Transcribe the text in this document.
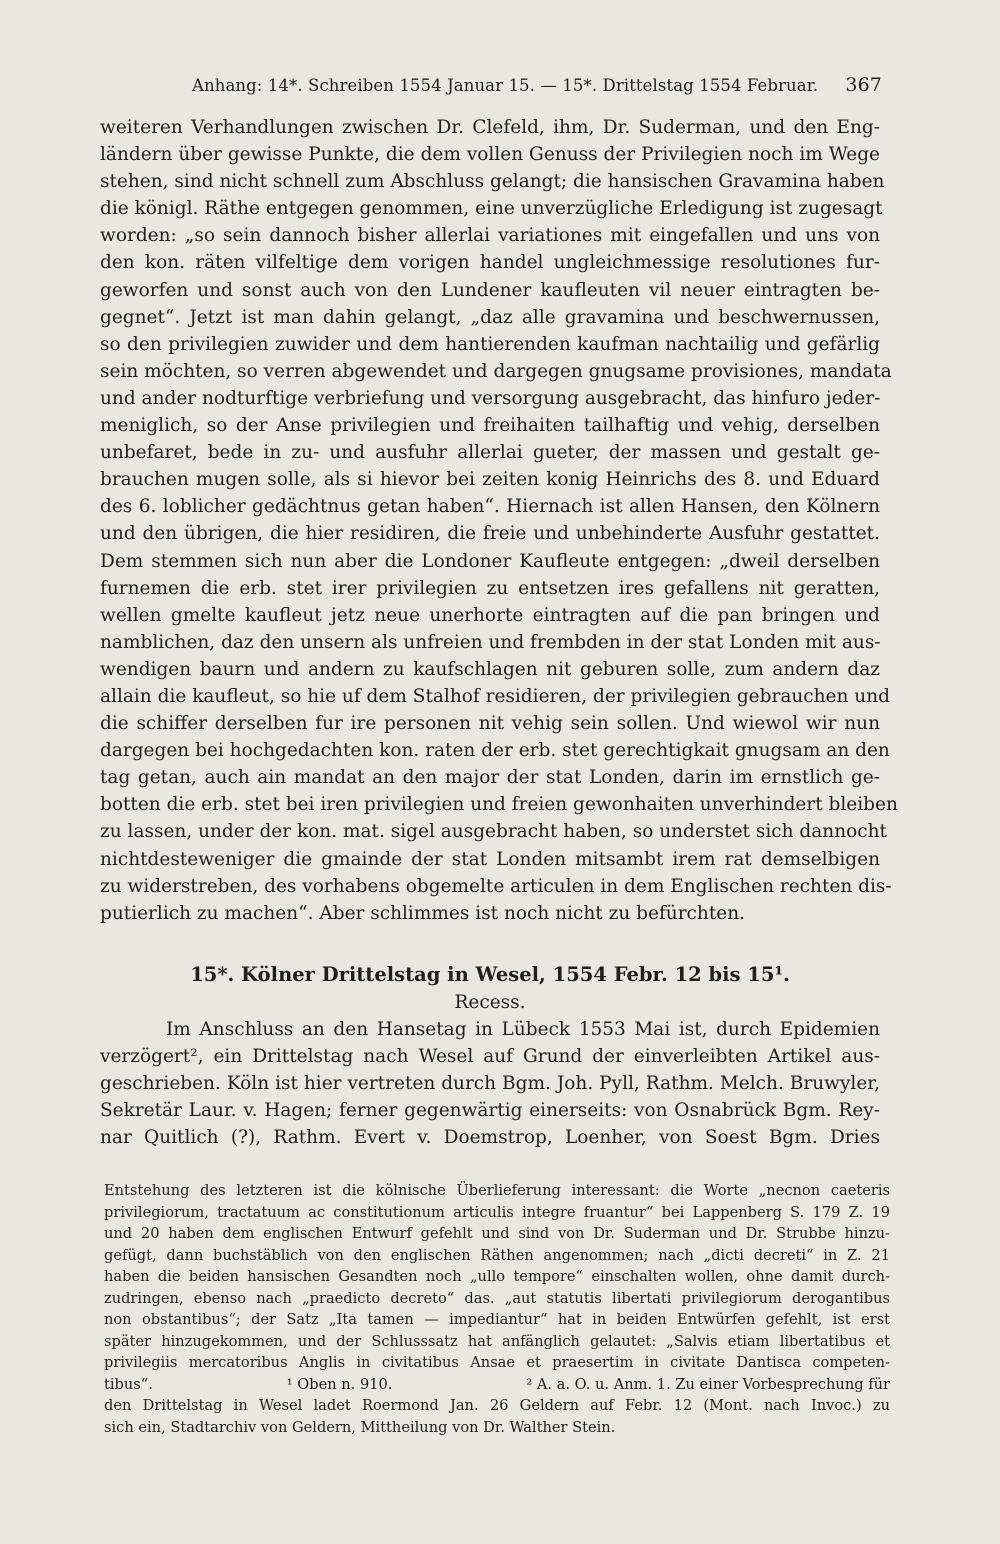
Anhang: 14*. Schreiben 1554 Januar 15. — 15*. Drittelstag 1554 Februar. 367
weiteren Verhandlungen zwischen Dr. Clefeld, ihm, Dr. Suderman, und den Eng-
ländern über gewisse Punkte, die dem vollen Genuss der Privilegien noch im Wege
stehen, sind nicht schnell zum Abschluss gelangt; die hansischen Gravamina haben
die königl. Räthe entgegen genommen, eine unverzügliche Erledigung ist zugesagt
worden: „so sein dannoch bisher allerlai variationes mit eingefallen und uns von
den kon. räten vilfeltige dem vorigen handel ungleichmessige resolutiones fur-
geworfen und sonst auch von den Lundener kaufleuten vil neuer eintragten be-
gegnet“. Jetzt ist man dahin gelangt, „daz alle gravamina und beschwernussen,
so den privilegien zuwider und dem hantierenden kaufman nachtailig und gefärlig
sein möchten, so verren abgewendet und dargegen gnugsame provisiones, mandata
und ander nodturftige verbriefung und versorgung ausgebracht, das hinfuro jeder-
meniglich, so der Anse privilegien und freihaiten tailhaftig und vehig, derselben
unbefaret, bede in zu- und ausfuhr allerlai gueter, der massen und gestalt ge-
brauchen mugen solle, als si hievor bei zeiten konig Heinrichs des 8. und Eduard
des 6. loblicher gedächtnus getan haben“. Hiernach ist allen Hansen, den Kölnern
und den übrigen, die hier residiren, die freie und unbehinderte Ausfuhr gestattet.
Dem stemmen sich nun aber die Londoner Kaufleute entgegen: „dweil derselben
furnemen die erb. stet irer privilegien zu entsetzen ires gefallens nit geratten,
wellen gmelte kaufleut jetz neue unerhorte eintragten auf die pan bringen und
namblichen, daz den unsern als unfreien und frembden in der stat Londen mit aus-
wendigen baurn und andern zu kaufschlagen nit geburen solle, zum andern daz
allain die kaufleut, so hie uf dem Stalhof residieren, der privilegien gebrauchen und
die schiffer derselben fur ire personen nit vehig sein sollen. Und wiewol wir nun
dargegen bei hochgedachten kon. raten der erb. stet gerechtigkait gnugsam an den
tag getan, auch ain mandat an den major der stat Londen, darin im ernstlich ge-
botten die erb. stet bei iren privilegien und freien gewonhaiten unverhindert bleiben
zu lassen, under der kon. mat. sigel ausgebracht haben, so understet sich dannocht
nichtdesteweniger die gmainde der stat Londen mitsambt irem rat demselbigen
zu widerstreben, des vorhabens obgemelte articulen in dem Englischen rechten dis-
putierlich zu machen“. Aber schlimmes ist noch nicht zu befürchten.
15*. Kölner Drittelstag in Wesel, 1554 Febr. 12 bis 15¹.
Recess.
Im Anschluss an den Hansetag in Lübeck 1553 Mai ist, durch Epidemien
verzögert², ein Drittelstag nach Wesel auf Grund der einverleibten Artikel aus-
geschrieben. Köln ist hier vertreten durch Bgm. Joh. Pyll, Rathm. Melch. Bruwyler,
Sekretär Laur. v. Hagen; ferner gegenwärtig einerseits: von Osnabrück Bgm. Rey-
nar Quitlich (?), Rathm. Evert v. Doemstrop, Loenher, von Soest Bgm. Dries
Entstehung des letzteren ist die kölnische Überlieferung interessant: die Worte „necnon caeteris
privilegiorum, tractatuum ac constitutionum articulis integre fruantur“ bei Lappenberg S. 179 Z. 19
und 20 haben dem englischen Entwurf gefehlt und sind von Dr. Suderman und Dr. Strubbe hinzu-
gefügt, dann buchstäblich von den englischen Räthen angenommen; nach „dicti decreti“ in Z. 21
haben die beiden hansischen Gesandten noch „ullo tempore“ einschalten wollen, ohne damit durch-
zudringen, ebenso nach „praedicto decreto“ das. „aut statutis libertati privilegiorum derogantibus
non obstantibus“; der Satz „Ita tamen — impediantur“ hat in beiden Entwürfen gefehlt, ist erst
später hinzugekommen, und der Schlusssatz hat anfänglich gelautet: „Salvis etiam libertatibus et
privilegiis mercatoribus Anglis in civitatibus Ansae et praesertim in civitate Dantisca competen-
tibus“.	¹ Oben n. 910.	² A. a. O. u. Anm. 1. Zu einer Vorbesprechung für
den Drittelstag in Wesel ladet Roermond Jan. 26 Geldern auf Febr. 12 (Mont. nach Invoc.) zu
sich ein, Stadtarchiv von Geldern, Mittheilung von Dr. Walther Stein.
